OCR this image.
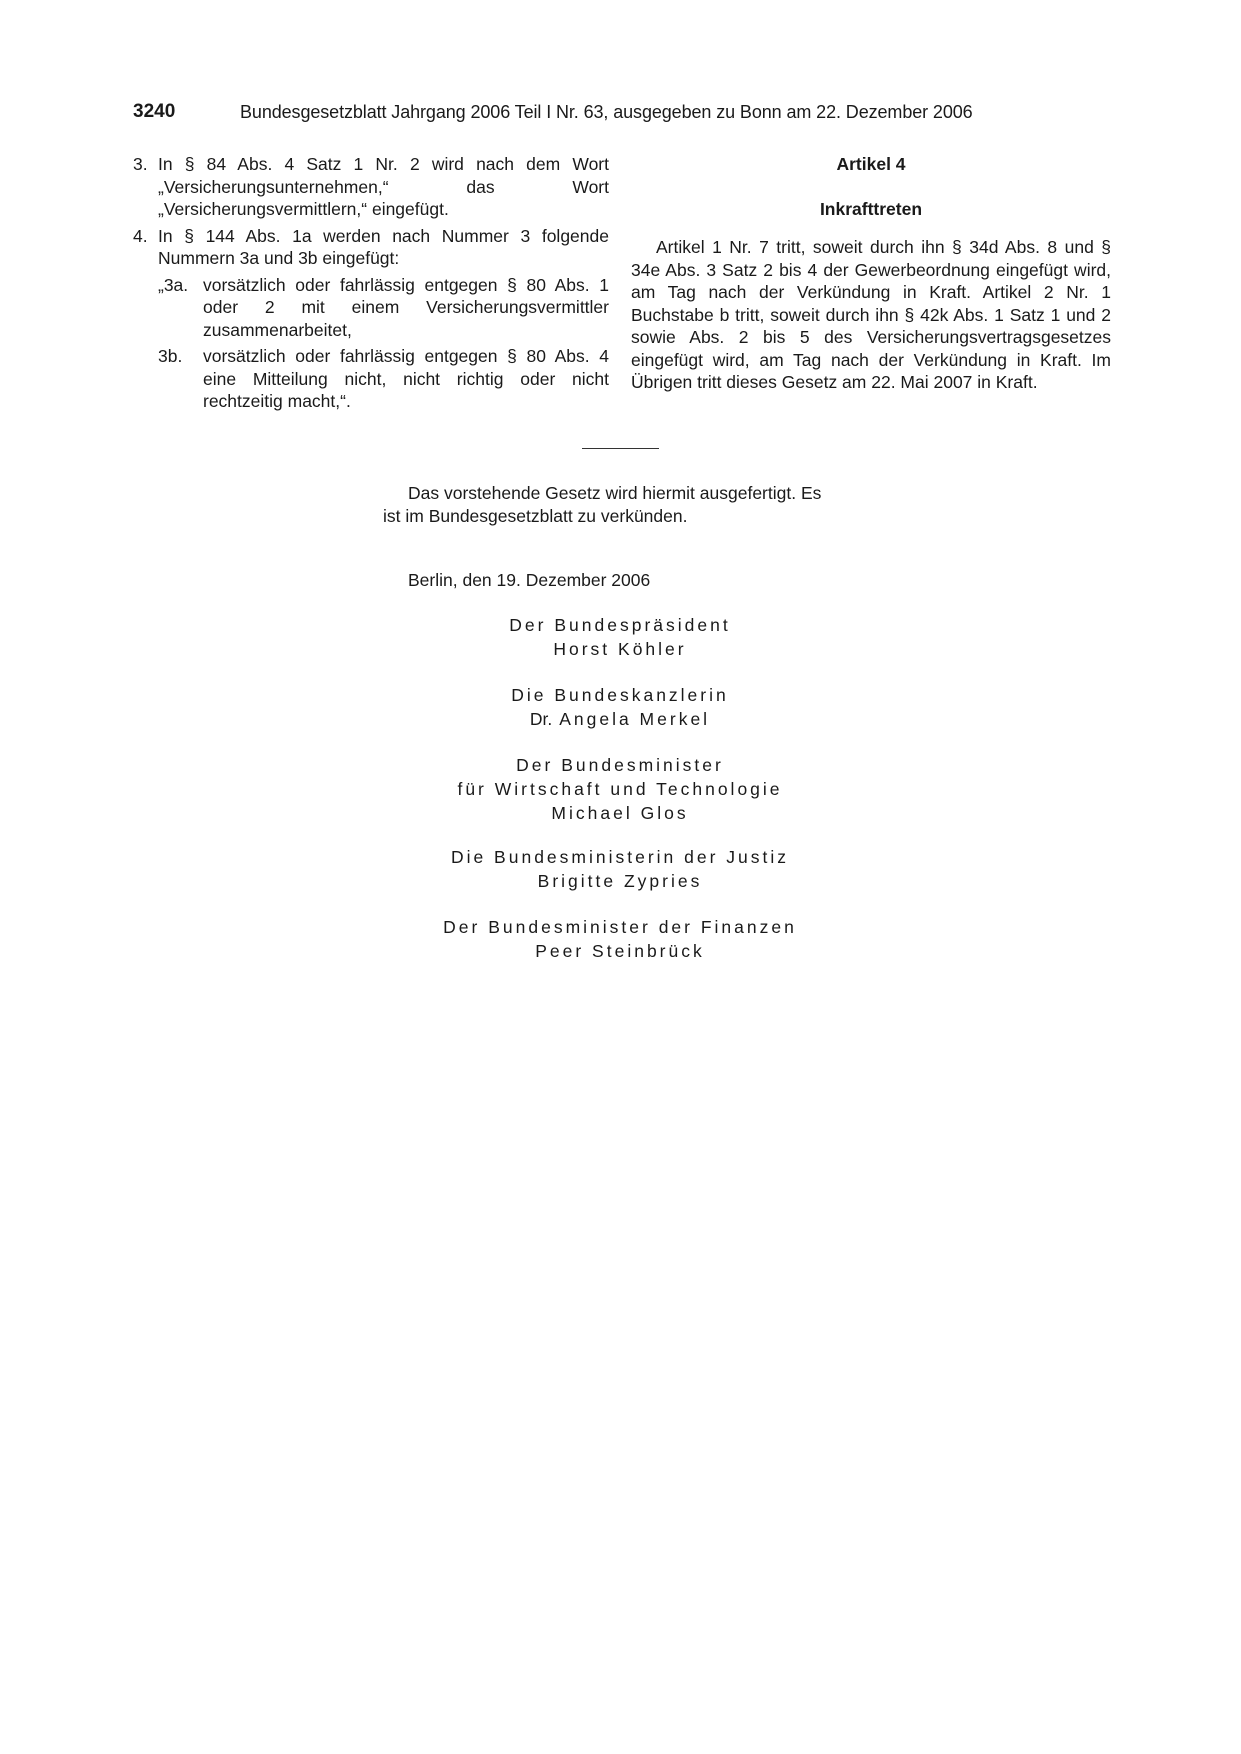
3240	Bundesgesetzblatt Jahrgang 2006 Teil I Nr. 63, ausgegeben zu Bonn am 22. Dezember 2006
3. In § 84 Abs. 4 Satz 1 Nr. 2 wird nach dem Wort „Versicherungsunternehmen,“ das Wort „Versicherungsvermittlern,“ eingefügt.
4. In § 144 Abs. 1a werden nach Nummer 3 folgende Nummern 3a und 3b eingefügt:
„3a. vorsätzlich oder fahrlässig entgegen § 80 Abs. 1 oder 2 mit einem Versicherungsvermittler zusammenarbeitet,
3b. vorsätzlich oder fahrlässig entgegen § 80 Abs. 4 eine Mitteilung nicht, nicht richtig oder nicht rechtzeitig macht,“.
Artikel 4
Inkrafttreten
Artikel 1 Nr. 7 tritt, soweit durch ihn § 34d Abs. 8 und § 34e Abs. 3 Satz 2 bis 4 der Gewerbeordnung eingefügt wird, am Tag nach der Verkündung in Kraft. Artikel 2 Nr. 1 Buchstabe b tritt, soweit durch ihn § 42k Abs. 1 Satz 1 und 2 sowie Abs. 2 bis 5 des Versicherungsvertragsgesetzes eingefügt wird, am Tag nach der Verkündung in Kraft. Im Übrigen tritt dieses Gesetz am 22. Mai 2007 in Kraft.
Das vorstehende Gesetz wird hiermit ausgefertigt. Es
ist im Bundesgesetzblatt zu verkünden.
Berlin, den 19. Dezember 2006
Der Bundespräsident
Horst Köhler
Die Bundeskanzlerin
Dr. Angela Merkel
Der Bundesminister
für Wirtschaft und Technologie
Michael Glos
Die Bundesministerin der Justiz
Brigitte Zypries
Der Bundesminister der Finanzen
Peer Steinbrück
